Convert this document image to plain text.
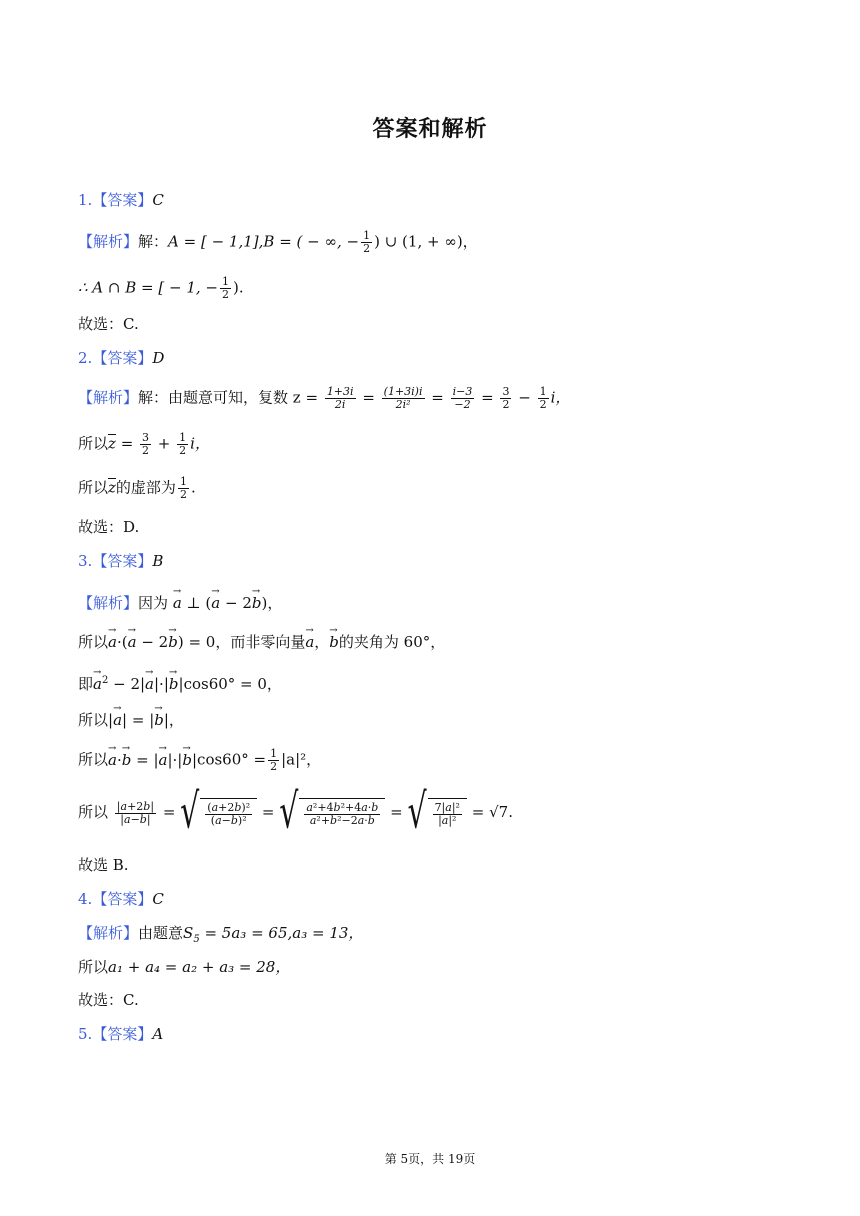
答案和解析
1.【答案】C
【解析】解：A = [ − 1,1],B = ( − ∞, − $\frac{1}{2}$ ) ∪ (1, + ∞)，
∴ A ∩ B = [ − 1, − $\frac{1}{2}$ ).
故选：C.
2.【答案】D
【解析】解：由题意可知，复数 $z = \frac{1+3i}{2i} = \frac{(1+3i)i}{\text{2i²}} = \frac{i-3}{-2} = \frac{3}{2} - \frac{1}{2}$ i，
所以$\overline{z} = \frac{3}{2} + \frac{1}{2}$ i，
所以$\overline{z}$的虚部为 $\frac{1}{2}$ .
故选：D.
3.【答案】B
【解析】因为 → a ⊥ (→ a − 2→ b)，
所以→ a·(→ a − 2→ b) = 0，而非零向量→ a，→ b的夹角为 60°，
即→ $a^2 - 2|\to a|\cdot|\to b|\cos 60^\circ = 0$，
所以|→ a| = |→ b|，
所以→ a·→ b = |→ $a|\cdot|\to b|\cos 60^\circ = \frac{1}{2} |a|^2$，
所以 $\frac{|a+2b|}{|a-b|}$ = √ $\frac{\text{(a+2b)²}}{\text{(a−b)²}}$ = √ $\frac{\text{a²+4b²+4a·b}}{\text{a²+b²−2a·b}}$ = √ $\frac{\text{7|a|²}}{\text{|a|²}} = √7$.
故选 B.
4.【答案】C
【解析】由题意$S_5 = 5a_3 = 65,a_3 = 13$，
所以a₁ + a₄ = a₂ + a₃ = 28，
故选：C.
5.【答案】A
第 5页，共 19页
